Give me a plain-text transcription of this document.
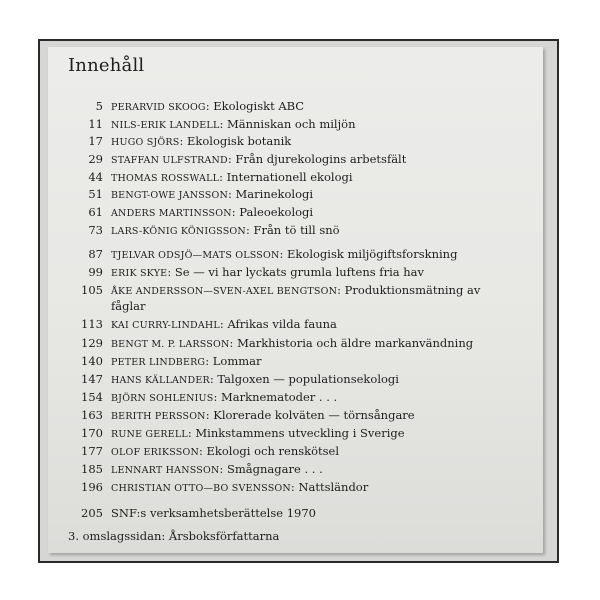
Innehåll
5 PERARVID SKOOG: Ekologiskt ABC
11 NILS-ERIK LANDELL: Människan och miljön
17 HUGO SJÖRS: Ekologisk botanik
29 STAFFAN ULFSTRAND: Från djurekologins arbetsfält
44 THOMAS ROSSWALL: Internationell ekologi
51 BENGT-OWE JANSSON: Marinekologi
61 ANDERS MARTINSSON: Paleoekologi
73 LARS-KÖNIG KÖNIGSSON: Från tö till snö
87 TJELVAR ODSJÖ—MATS OLSSON: Ekologisk miljögiftsforskning
99 ERIK SKYE: Se — vi har lyckats grumla luftens fria hav
105 ÅKE ANDERSSON—SVEN-AXEL BENGTSON: Produktionsmätning av
fåglar
113 KAI CURRY-LINDAHL: Afrikas vilda fauna
129 BENGT M. P. LARSSON: Markhistoria och äldre markanvändning
140 PETER LINDBERG: Lommar
147 HANS KÄLLANDER: Talgoxen — populationsekologi
154 BJÖRN SOHLENIUS: Marknematoder . . .
163 BERITH PERSSON: Klorerade kolväten — törnsångare
170 RUNE GERELL: Minkstammens utveckling i Sverige
177 OLOF ERIKSSON: Ekologi och renskötsel
185 LENNART HANSSON: Smågnagare . . .
196 CHRISTIAN OTTO—BO SVENSSON: Nattsländor
205 SNF:s verksamhetsberättelse 1970
3. omslagssidan: Årsboksförfattarna
